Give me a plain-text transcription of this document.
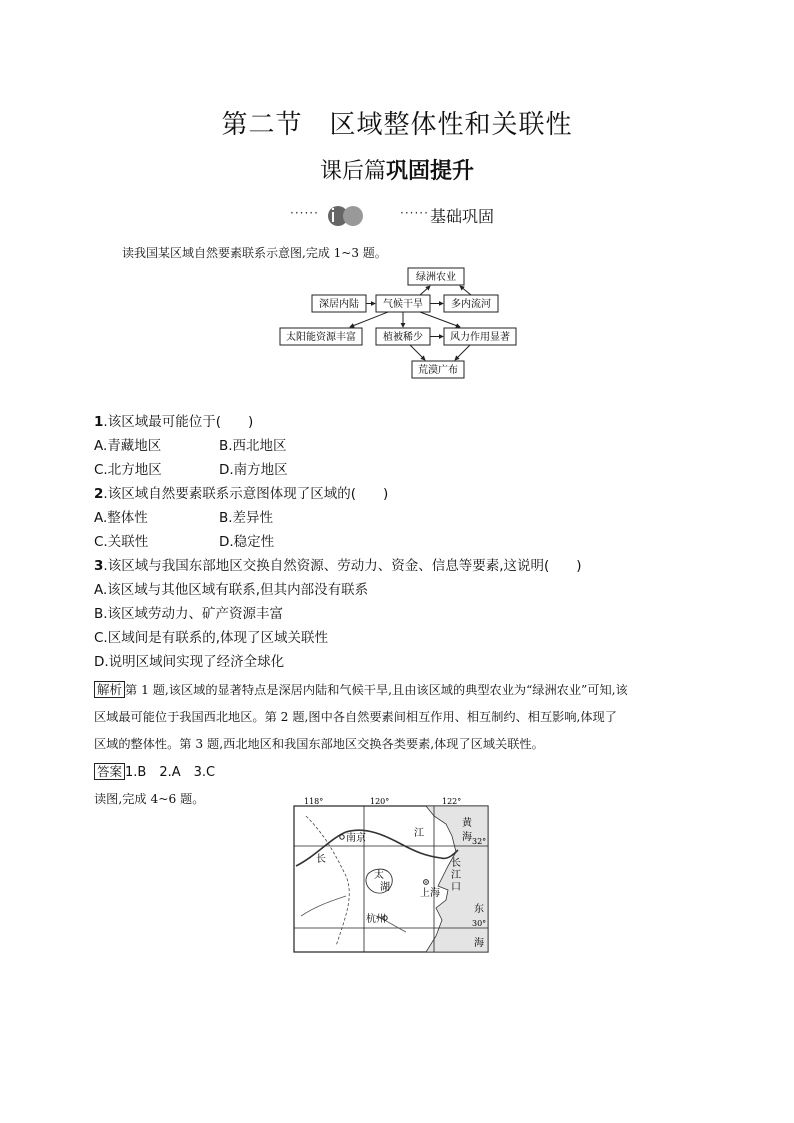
第二节　区域整体性和关联性
课后篇巩固提升
······	······ 基础巩固
读我国某区域自然要素联系示意图,完成 1~3 题。
绿洲农业
深居内陆 气候干旱	多内流河
太阳能资源丰富	植被稀少	风力作用显著
荒漠广布
1.该区域最可能位于(　　)
A.青藏地区	B.西北地区
C.北方地区	D.南方地区
2.该区域自然要素联系示意图体现了区域的(　　)
A.整体性	B.差异性
C.关联性	D.稳定性
3.该区域与我国东部地区交换自然资源、劳动力、资金、信息等要素,这说明(　　)
A.该区域与其他区域有联系,但其内部没有联系
B.该区域劳动力、矿产资源丰富
C.区域间是有联系的,体现了区域关联性
D.说明区域间实现了经济全球化
解析 第 1 题,该区域的显著特点是深居内陆和气候干旱,且由该区域的典型农业为“绿洲农业”可知,该
区域最可能位于我国西北地区。第 2 题,图中各自然要素间相互作用、相互制约、相互影响,体现了
区域的整体性。第 3 题,西北地区和我国东部地区交换各类要素,体现了区域关联性。
答案 1.B　2.A　3.C
读图,完成 4~6 题。
南京
上海
杭州
太
湖
长
江
长
江
口
黄
海
东
海
118°	120°	122°
32°
30°
